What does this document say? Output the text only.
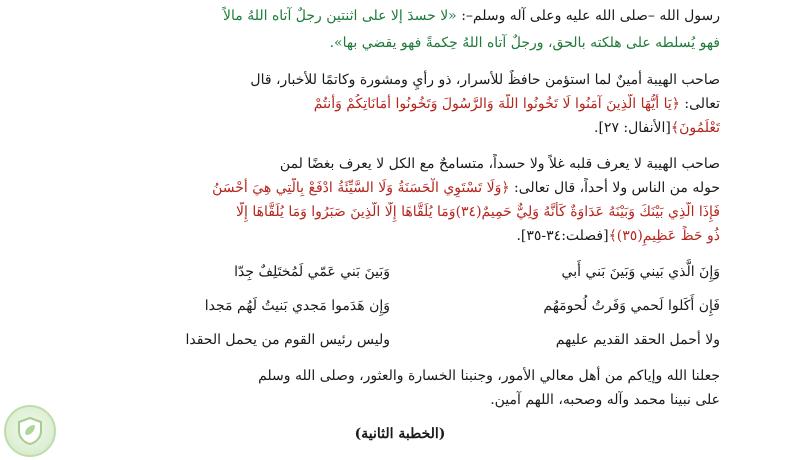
رسول الله –صلى الله عليه وعلى آله وسلم–: «لا حسدَ إلا على اثنتين رجلٌ آتاه اللهُ مالاً
فهو يُسلطه على هلكته بالحق، ورجلٌ آتاه اللهُ حِكمةً فهو يقضي بها».
صاحب الهيبة أمينٌ لما استؤمن حافظٌ للأسرار، ذو رأيٍ ومشورة وكاتمًا للأخبار، قال
تعالى: ﴿يَا أَيُّهَا الَّذِينَ آمَنُوا لَا تَخُونُوا اللَّهَ وَالرَّسُولَ وَتَخُونُوا أَمَانَاتِكُمْ وَأَنتُمْ
تَعْلَمُونَ﴾[الأنفال: ٢٧].
صاحب الهيبة لا يعرف قلبه غلاً ولا حسداً، متسامحٌ مع الكل لا يعرف بغضًا لمن
حوله من الناس ولا أحداً، قال تعالى: ﴿وَلَا تَسْتَوِي الْحَسَنَةُ وَلَا السَّيِّئَةُ ادْفَعْ بِالَّتِي هِيَ أَحْسَنُ
فَإِذَا الَّذِي بَيْنَكَ وَبَيْنَهُ عَدَاوَةٌ كَأَنَّهُ وَلِيٌّ حَمِيمٌ(٣٤)وَمَا يُلَقَّاهَا إِلَّا الَّذِينَ صَبَرُوا وَمَا يُلَقَّاهَا إِلَّا
ذُو حَظٍّ عَظِيمٍ(٣٥)﴾[فصلت:٣٤-٣٥].
وَإِنَ الَّذي بَيني وَبَينَ بَني أَبي
وَبَينَ بَني عَمّي لَمُختَلِفٌ جِدّا
فَإِن أَكَلوا لَحمي وَفَرتُ لُحومَهُم
وَإِن هَدَموا مَجدي بَنيتُ لَهُم مَجدا
ولا أحمل الحقد القديم عليهم
وليس رئيس القوم من يحمل الحقدا
جعلنا الله وإياكم من أهل معالي الأمور، وجنبنا الخسارة والعثور، وصلى الله وسلم
على نبينا محمد وآله وصحبه، اللهم آمين.
(الخطبة الثانية)
